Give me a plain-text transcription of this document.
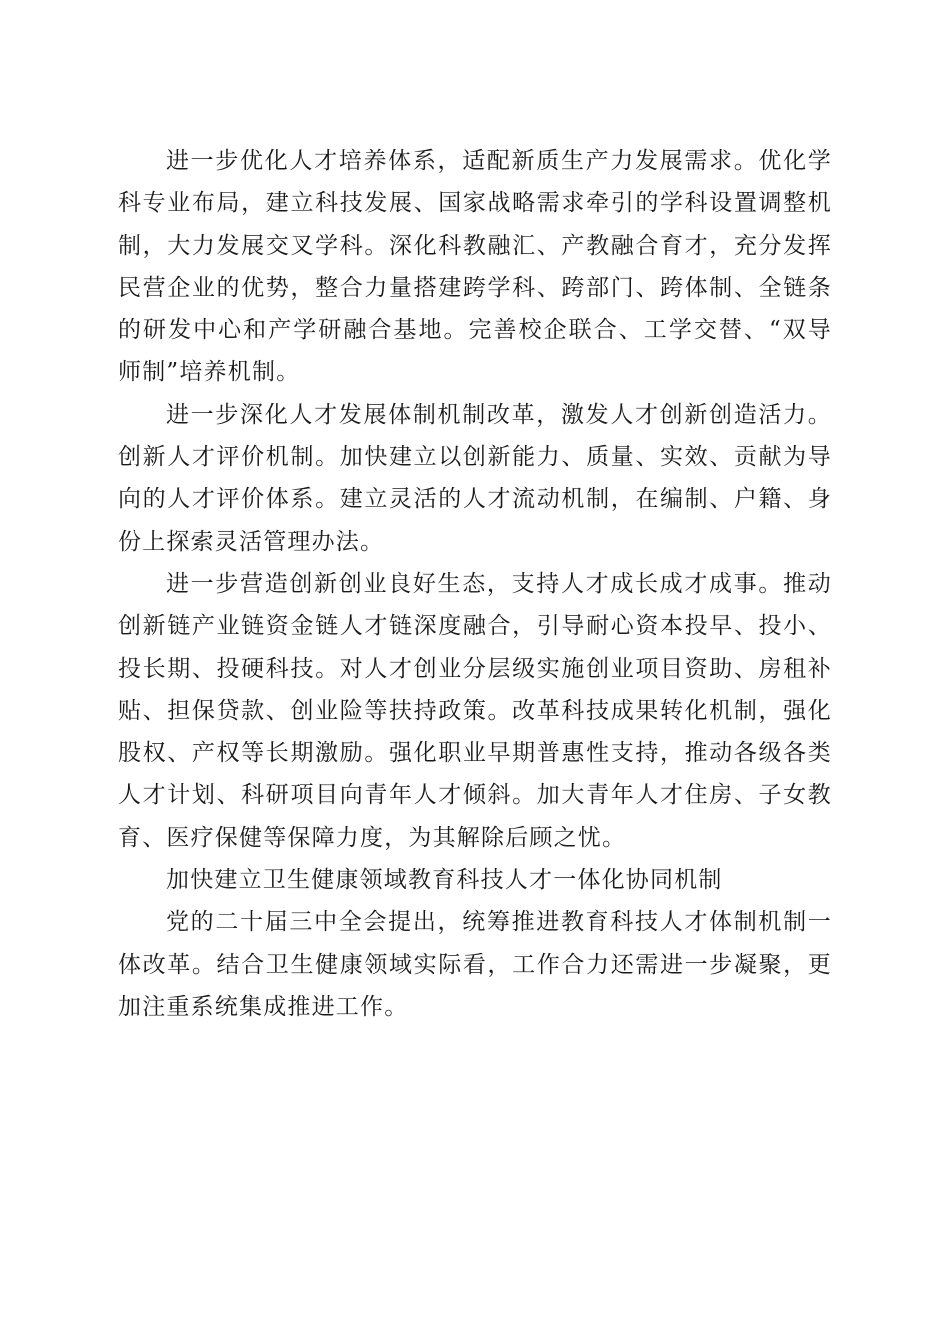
进一步优化人才培养体系，适配新质生产力发展需求。优化学科专业布局，建立科技发展、国家战略需求牵引的学科设置调整机制，大力发展交叉学科。深化科教融汇、产教融合育才，充分发挥民营企业的优势，整合力量搭建跨学科、跨部门、跨体制、全链条的研发中心和产学研融合基地。完善校企联合、工学交替、“双导师制”培养机制。

进一步深化人才发展体制机制改革，激发人才创新创造活力。创新人才评价机制。加快建立以创新能力、质量、实效、贡献为导向的人才评价体系。建立灵活的人才流动机制，在编制、户籍、身份上探索灵活管理办法。

进一步营造创新创业良好生态，支持人才成长成才成事。推动创新链产业链资金链人才链深度融合，引导耐心资本投早、投小、投长期、投硬科技。对人才创业分层级实施创业项目资助、房租补贴、担保贷款、创业险等扶持政策。改革科技成果转化机制，强化股权、产权等长期激励。强化职业早期普惠性支持，推动各级各类人才计划、科研项目向青年人才倾斜。加大青年人才住房、子女教育、医疗保健等保障力度，为其解除后顾之忧。

加快建立卫生健康领域教育科技人才一体化协同机制

党的二十届三中全会提出，统筹推进教育科技人才体制机制一体改革。结合卫生健康领域实际看，工作合力还需进一步凝聚，更加注重系统集成推进工作。
